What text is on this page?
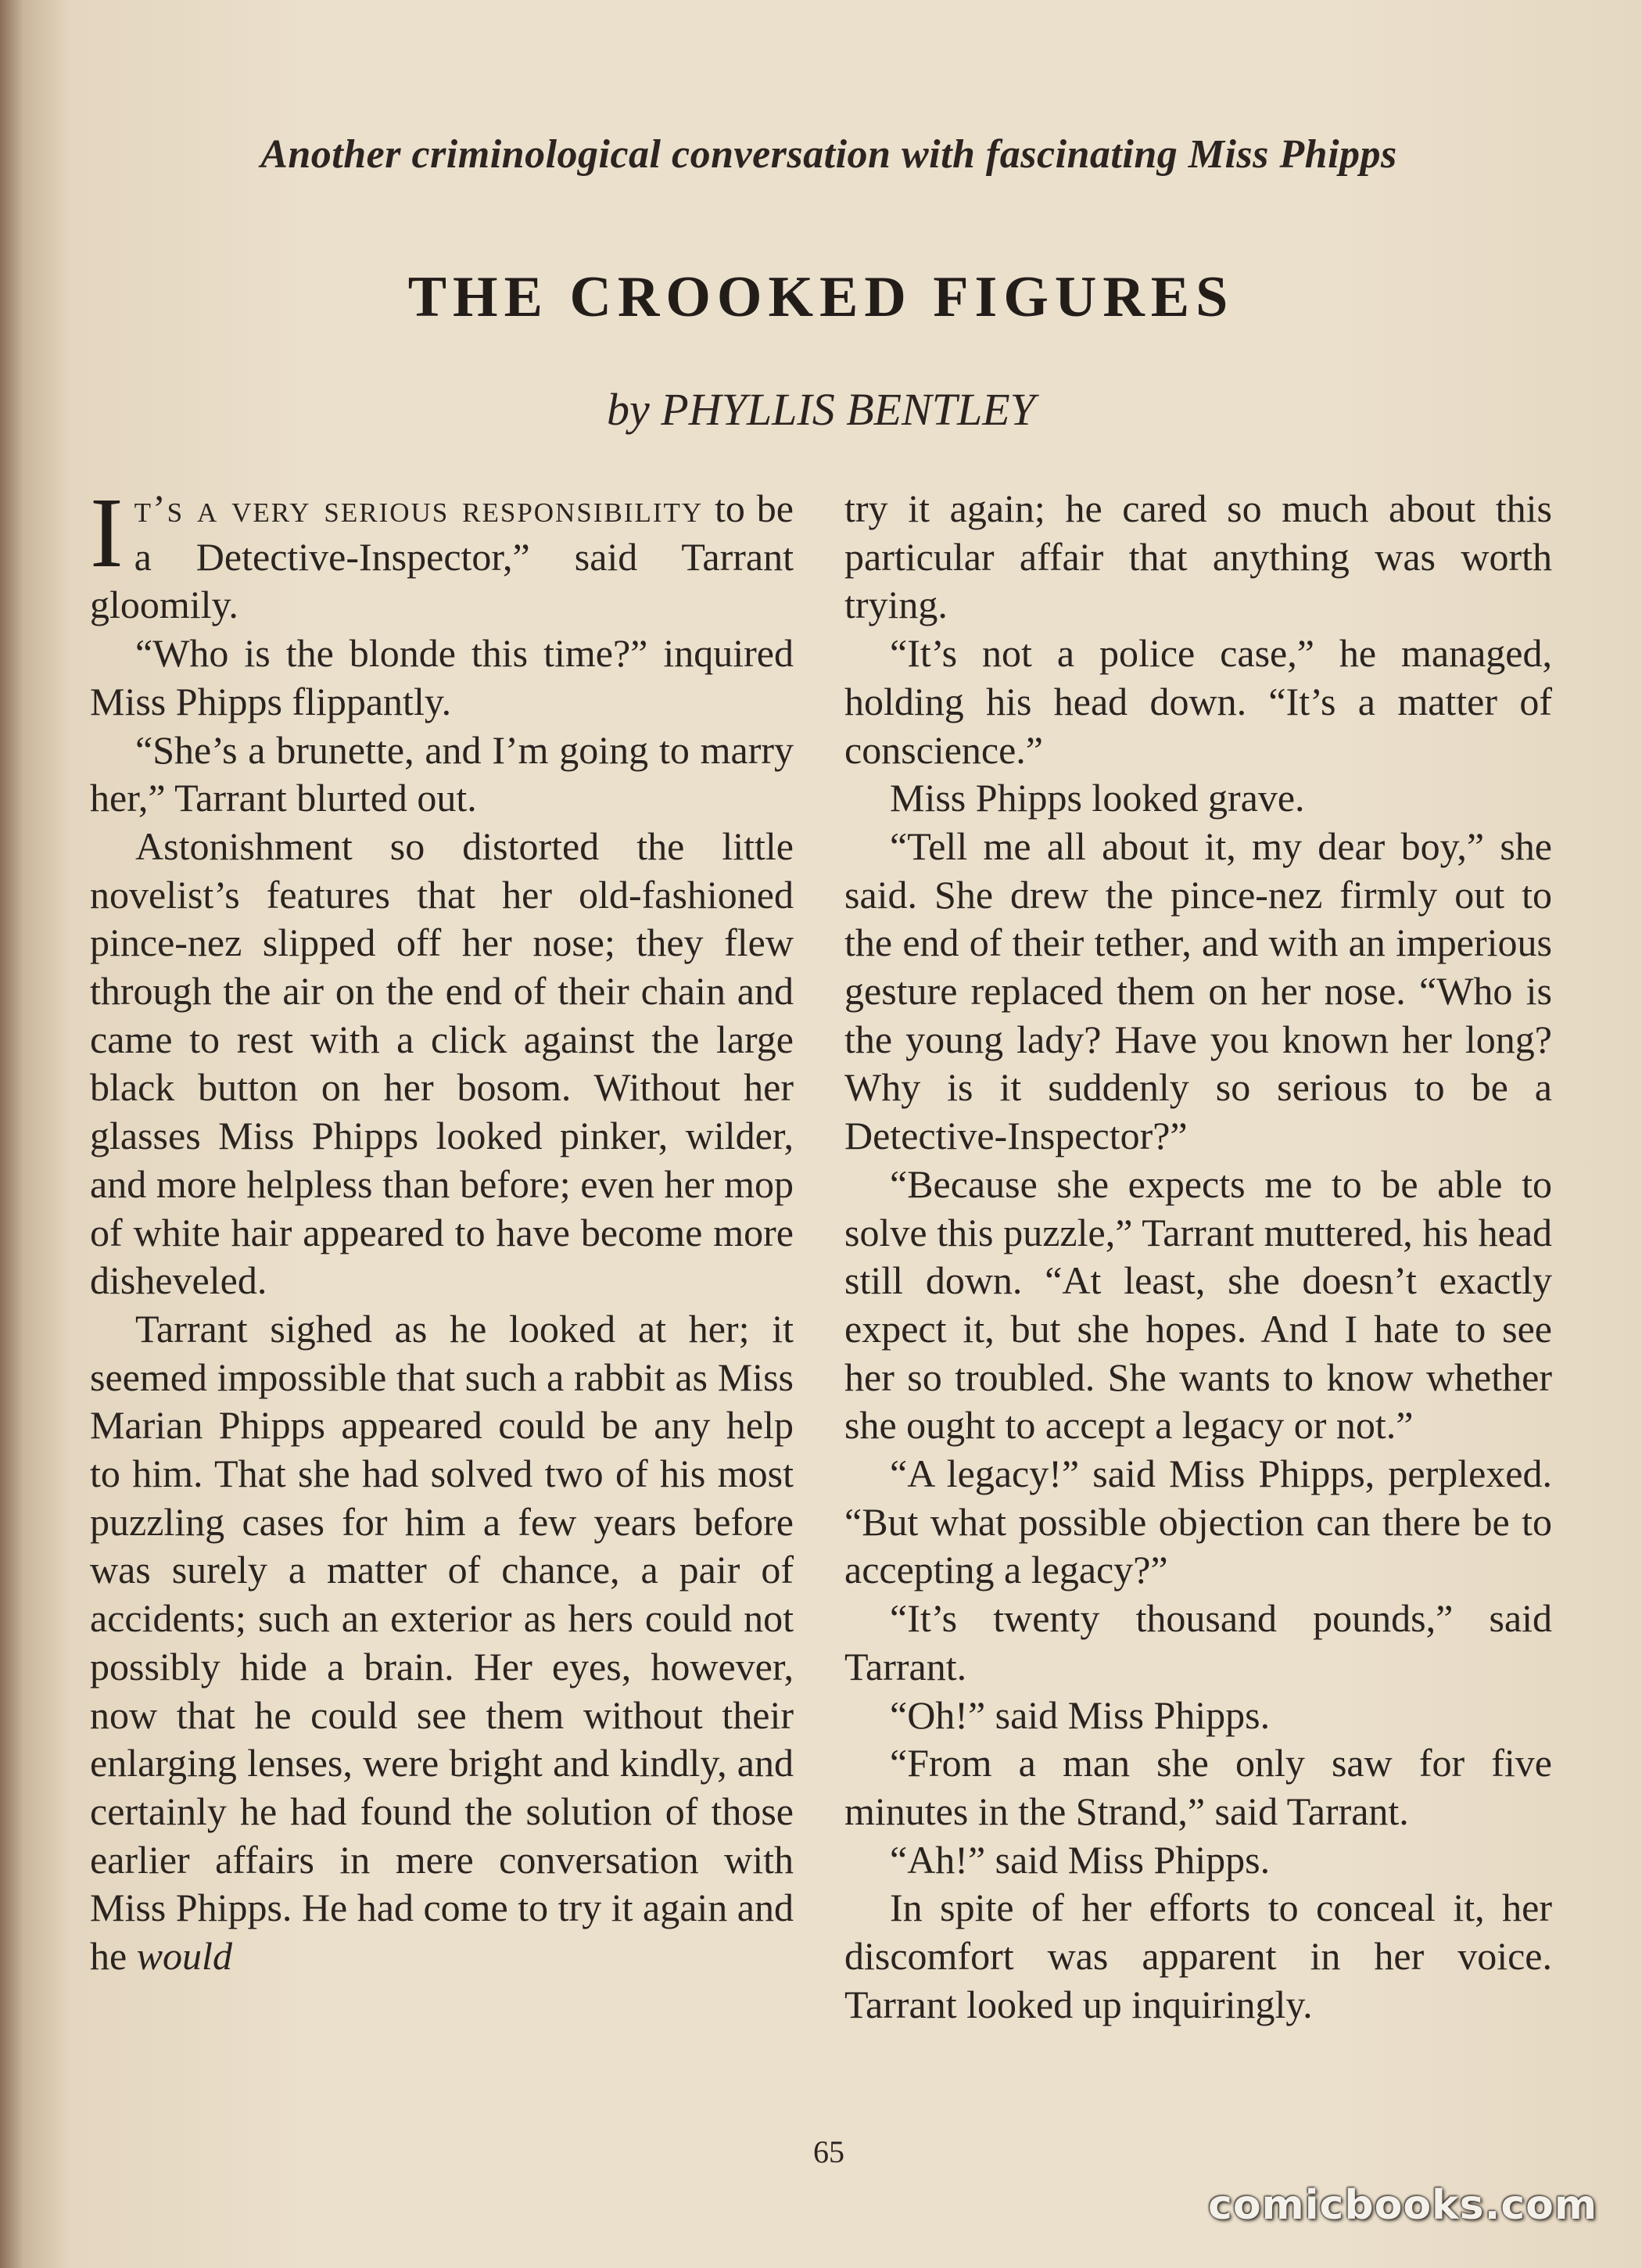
Another criminological conversation with fascinating Miss Phipps
THE CROOKED FIGURES
by PHYLLIS BENTLEY

It’s a very serious responsibility to be a Detective-Inspector,” said Tarrant gloomily.

“Who is the blonde this time?” inquired Miss Phipps flippantly.

“She’s a brunette, and I’m going to marry her,” Tarrant blurted out.

Astonishment so distorted the little novelist’s features that her old-fashioned pince-nez slipped off her nose; they flew through the air on the end of their chain and came to rest with a click against the large black button on her bosom. Without her glasses Miss Phipps looked pinker, wilder, and more helpless than before; even her mop of white hair appeared to have become more disheveled.

Tarrant sighed as he looked at her; it seemed impossible that such a rabbit as Miss Marian Phipps appeared could be any help to him. That she had solved two of his most puzzling cases for him a few years before was surely a matter of chance, a pair of accidents; such an exterior as hers could not possibly hide a brain. Her eyes, however, now that he could see them without their enlarging lenses, were bright and kindly, and certainly he had found the solution of those earlier affairs in mere conversation with Miss Phipps. He had come to try it again and he would

try it again; he cared so much about this particular affair that anything was worth trying.

“It’s not a police case,” he managed, holding his head down. “It’s a matter of conscience.”

Miss Phipps looked grave.

“Tell me all about it, my dear boy,” she said. She drew the pince-nez firmly out to the end of their tether, and with an imperious gesture replaced them on her nose. “Who is the young lady? Have you known her long? Why is it suddenly so serious to be a Detective-Inspector?”

“Because she expects me to be able to solve this puzzle,” Tarrant muttered, his head still down. “At least, she doesn’t exactly expect it, but she hopes. And I hate to see her so troubled. She wants to know whether she ought to accept a legacy or not.”

“A legacy!” said Miss Phipps, perplexed. “But what possible objection can there be to accepting a legacy?”

“It’s twenty thousand pounds,” said Tarrant.

“Oh!” said Miss Phipps.

“From a man she only saw for five minutes in the Strand,” said Tarrant.

“Ah!” said Miss Phipps.

In spite of her efforts to conceal it, her discomfort was apparent in her voice. Tarrant looked up inquiringly.

65
comicbooks.com
